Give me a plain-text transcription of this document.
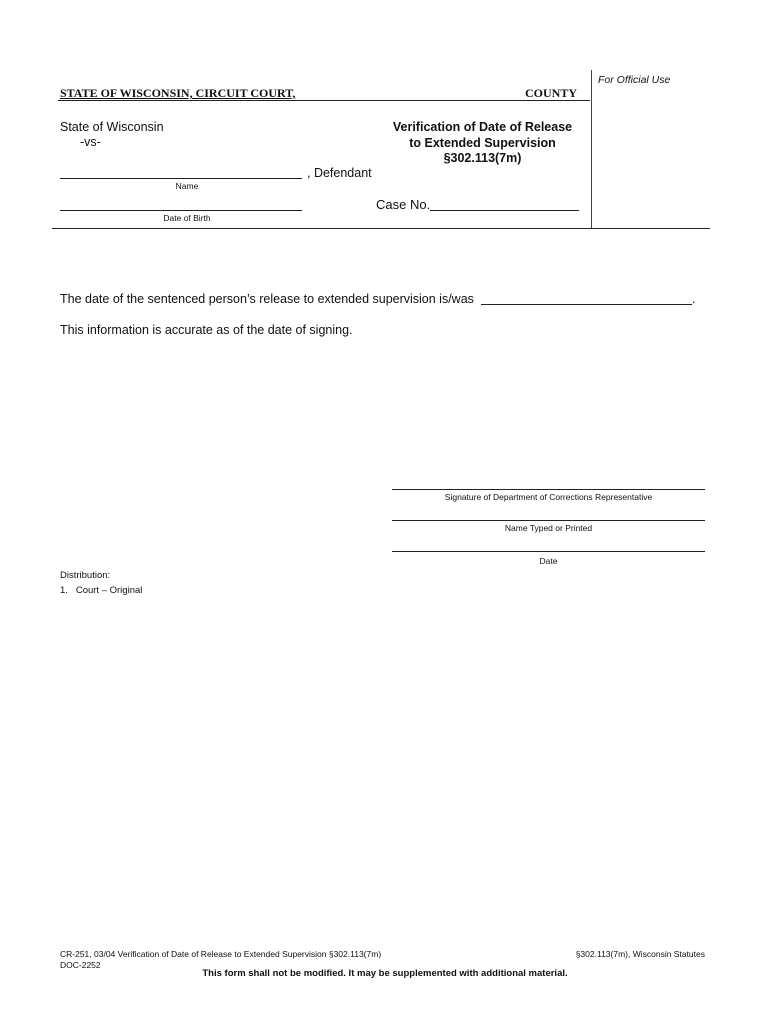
For Official Use
STATE OF WISCONSIN, CIRCUIT COURT,	COUNTY
State of Wisconsin
-vs-
Verification of Date of Release
to Extended Supervision
§302.113(7m)
, Defendant
Name
Date of Birth
Case No.
The date of the sentenced person’s release to extended supervision is/was	.
This information is accurate as of the date of signing.
Signature of Department of Corrections Representative
Name Typed or Printed
Date
Distribution:
1.   Court – Original
CR-251, 03/04 Verification of Date of Release to Extended Supervision §302.113(7m)
DOC-2252
§302.113(7m), Wisconsin Statutes
This form shall not be modified. It may be supplemented with additional material.
